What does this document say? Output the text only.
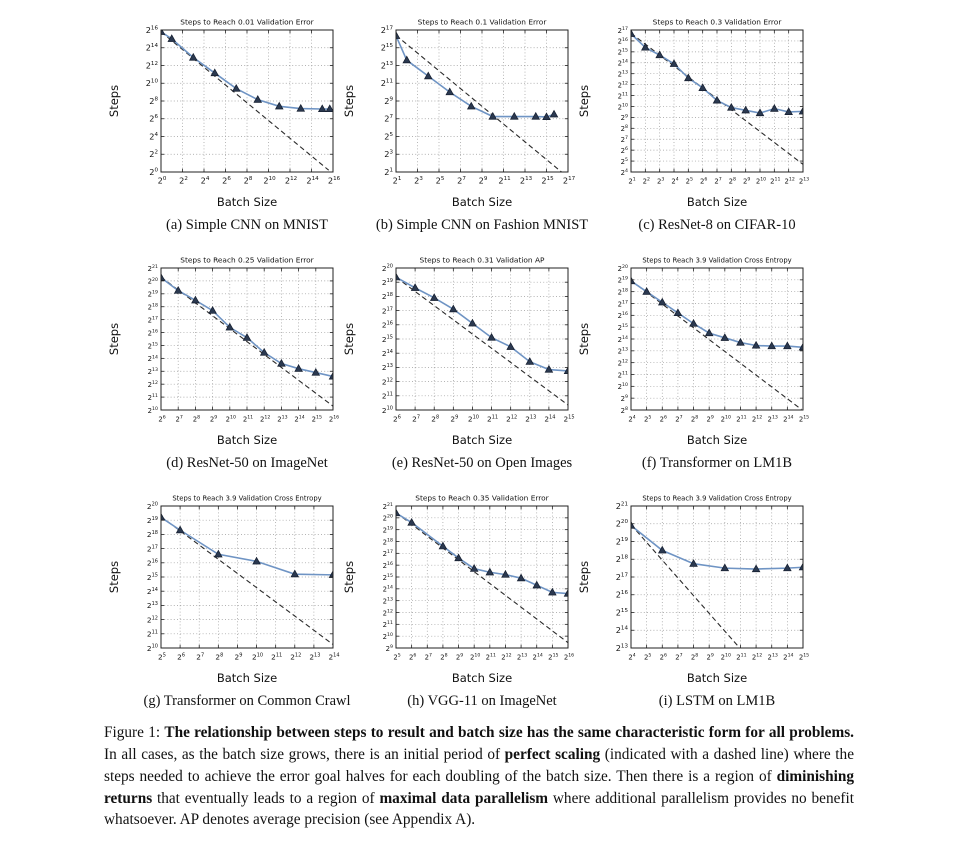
$2^0$ $2^2$ $2^4$ $2^6$ $2^8$ $2^{10}$ $2^{12}$ $2^{14}$ $2^{16}$
$2^0$
$2^2$
$2^4$
$2^6$
$2^8$
$2^{10}$
$2^{12}$
$2^{14}$
$2^{16}$
Steps to Reach 0.01 Validation Error
Batch Size
Steps
(a) Simple CNN on MNIST
$2^1$ $2^3$ $2^5$ $2^7$ $2^9$ $2^{11}$ $2^{13}$ $2^{15}$ $2^{17}$
$2^1$
$2^3$
$2^5$
$2^7$
$2^9$
$2^{11}$
$2^{13}$
$2^{15}$
$2^{17}$
Steps to Reach 0.1 Validation Error
Batch Size
Steps
(b) Simple CNN on Fashion MNIST
$2^1$ $2^2$ $2^3$ $2^4$ $2^5$ $2^6$ $2^7$ $2^8$ $2^9$ $2^{10}$ $2^{11}$ $2^{12}$ $2^{13}$
$2^4$
$2^5$
$2^6$
$2^7$
$2^8$
$2^9$
$2^{10}$
$2^{11}$
$2^{12}$
$2^{13}$
$2^{14}$
$2^{15}$
$2^{16}$
$2^{17}$
Steps to Reach 0.3 Validation Error
Batch Size
Steps
(c) ResNet-8 on CIFAR-10
$2^6$ $2^7$ $2^8$ $2^9$ $2^{10}$ $2^{11}$ $2^{12}$ $2^{13}$ $2^{14}$ $2^{15}$ $2^{16}$
$2^{10}$
$2^{11}$
$2^{12}$
$2^{13}$
$2^{14}$
$2^{15}$
$2^{16}$
$2^{17}$
$2^{18}$
$2^{19}$
$2^{20}$
$2^{21}$
Steps to Reach 0.25 Validation Error
Batch Size
Steps
(d) ResNet-50 on ImageNet
$2^6$ $2^7$ $2^8$ $2^9$ $2^{10}$ $2^{11}$ $2^{12}$ $2^{13}$ $2^{14}$ $2^{15}$
$2^{10}$
$2^{11}$
$2^{12}$
$2^{13}$
$2^{14}$
$2^{15}$
$2^{16}$
$2^{17}$
$2^{18}$
$2^{19}$
$2^{20}$
Steps to Reach 0.31 Validation AP
Batch Size
Steps
(e) ResNet-50 on Open Images
$2^4$ $2^5$ $2^6$ $2^7$ $2^8$ $2^9$ $2^{10}$ $2^{11}$ $2^{12}$ $2^{13}$ $2^{14}$ $2^{15}$
$2^8$
$2^9$
$2^{10}$
$2^{11}$
$2^{12}$
$2^{13}$
$2^{14}$
$2^{15}$
$2^{16}$
$2^{17}$
$2^{18}$
$2^{19}$
$2^{20}$
Steps to Reach 3.9 Validation Cross Entropy
Batch Size
Steps
(f) Transformer on LM1B
$2^5$ $2^6$ $2^7$ $2^8$ $2^9$ $2^{10}$ $2^{11}$ $2^{12}$ $2^{13}$ $2^{14}$
$2^{10}$
$2^{11}$
$2^{12}$
$2^{13}$
$2^{14}$
$2^{15}$
$2^{16}$
$2^{17}$
$2^{18}$
$2^{19}$
$2^{20}$
Steps to Reach 3.9 Validation Cross Entropy
Batch Size
Steps
(g) Transformer on Common Crawl
$2^5$ $2^6$ $2^7$ $2^8$ $2^9$ $2^{10}$ $2^{11}$ $2^{12}$ $2^{13}$ $2^{14}$ $2^{15}$ $2^{16}$
$2^9$
$2^{10}$
$2^{11}$
$2^{12}$
$2^{13}$
$2^{14}$
$2^{15}$
$2^{16}$
$2^{17}$
$2^{18}$
$2^{19}$
$2^{20}$
$2^{21}$
Steps to Reach 0.35 Validation Error
Batch Size
Steps
(h) VGG-11 on ImageNet
$2^4$ $2^5$ $2^6$ $2^7$ $2^8$ $2^9$ $2^{10}$ $2^{11}$ $2^{12}$ $2^{13}$ $2^{14}$ $2^{15}$
$2^{13}$
$2^{14}$
$2^{15}$
$2^{16}$
$2^{17}$
$2^{18}$
$2^{19}$
$2^{20}$
$2^{21}$
Steps to Reach 3.9 Validation Cross Entropy
Batch Size
Steps
(i) LSTM on LM1B
Figure 1: The relationship between steps to result and batch size has the same characteristic form for all problems. In all cases, as the batch size grows, there is an initial period of perfect scaling (indicated with a dashed line) where the steps needed to achieve the error goal halves for each doubling of the batch size. Then there is a region of diminishing returns that eventually leads to a region of maximal data parallelism where additional parallelism provides no benefit whatsoever. AP denotes average precision (see Appendix A).
